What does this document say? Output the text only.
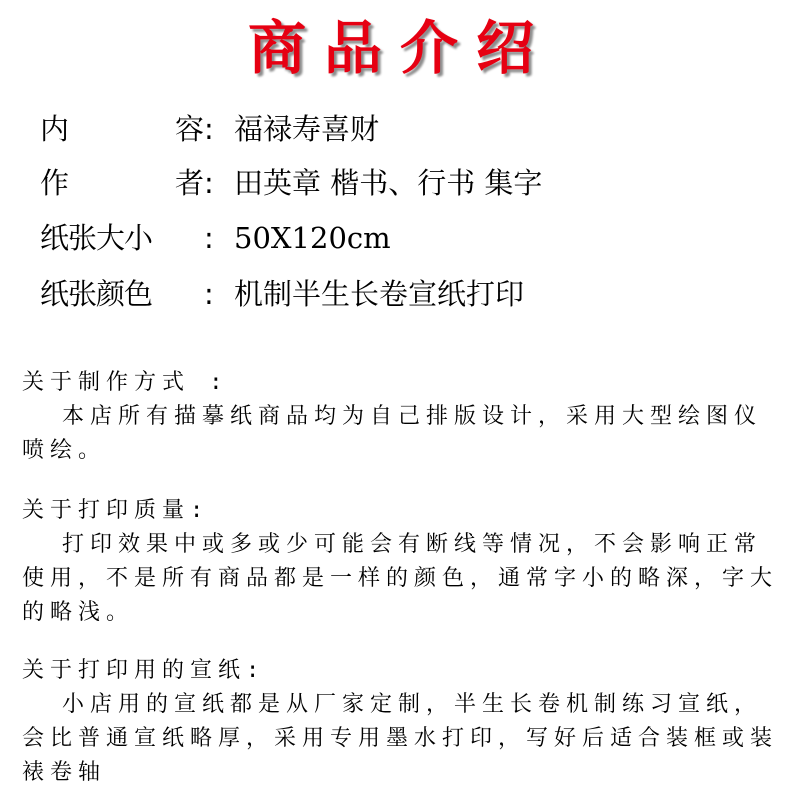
商品介绍
内容: 福禄寿喜财
作者: 田英章 楷书、行书 集字
纸张大小 : 50X120cm
纸张颜色 :机制半生长卷宣纸打印
关于制作方式 :
本店所有描摹纸商品均为自己排版设计，采用大型绘图仪喷绘。
关于打印质量:
打印效果中或多或少可能会有断线等情况，不会影响正常使用，不是所有商品都是一样的颜色，通常字小的略深，字大的略浅。
关于打印用的宣纸:
小店用的宣纸都是从厂家定制，半生长卷机制练习宣纸，会比普通宣纸略厚，采用专用墨水打印，写好后适合装框或装裱卷轴
